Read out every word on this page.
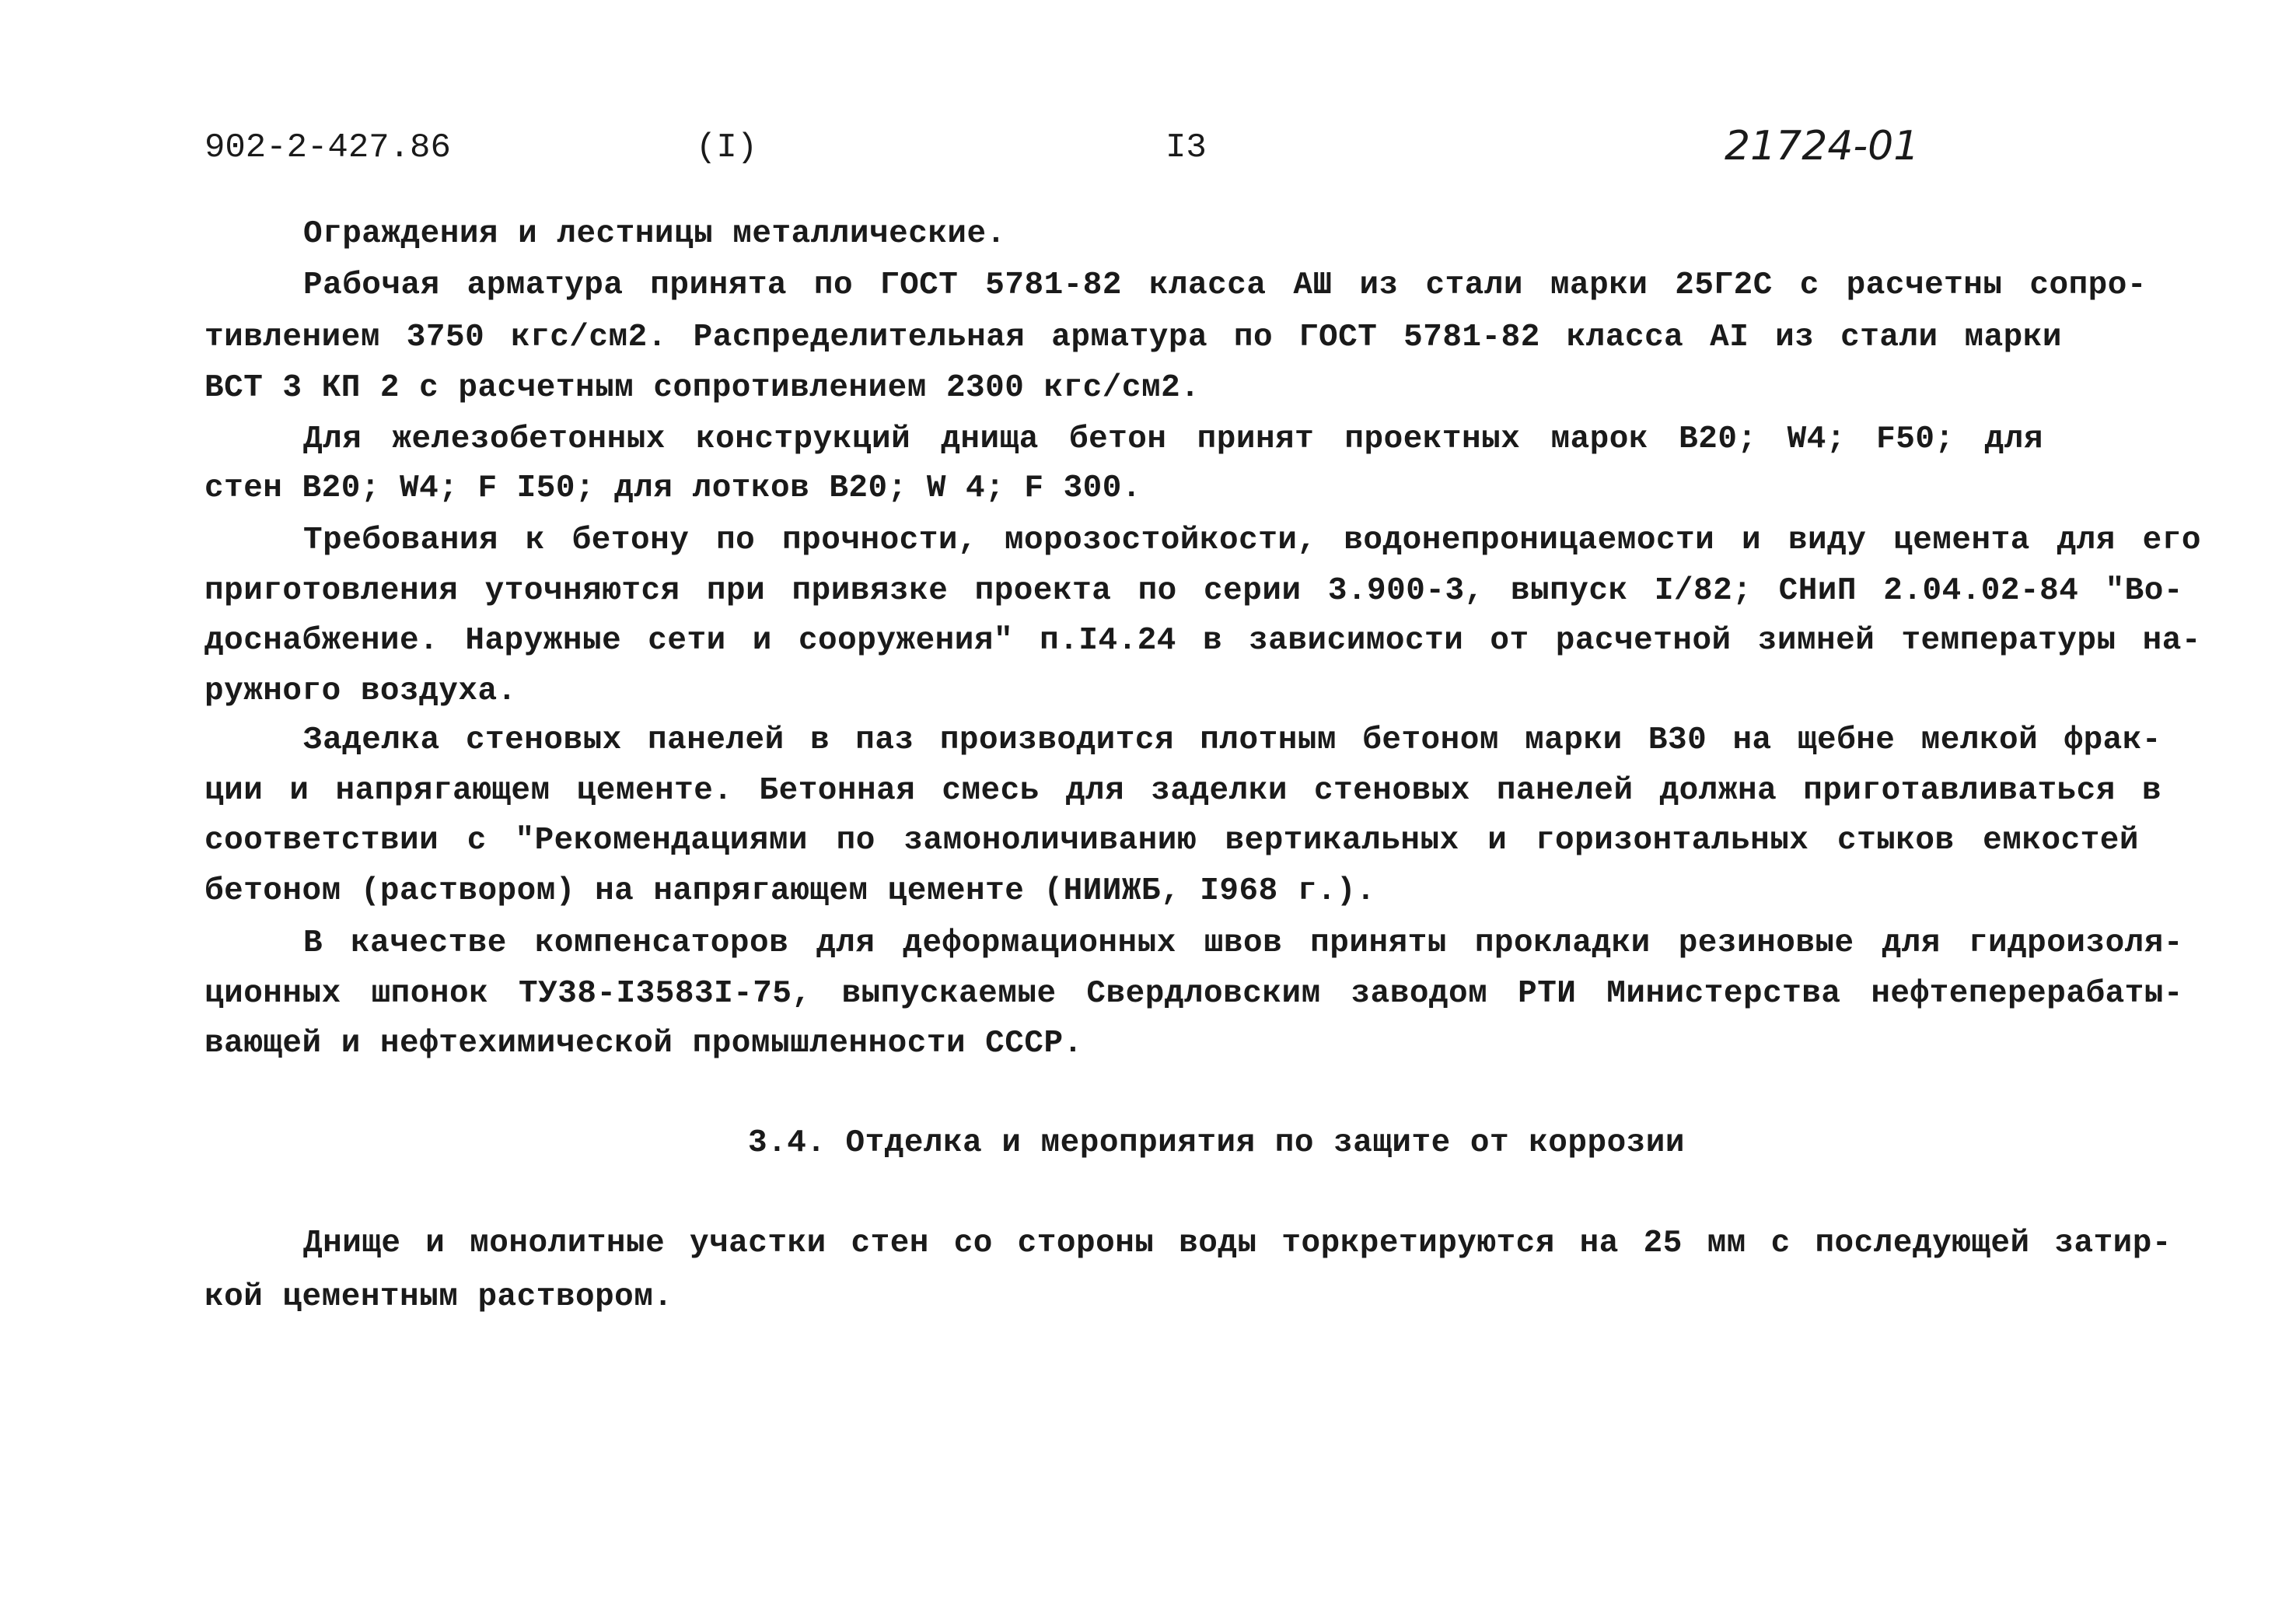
902-2-427.86	(I)	I3	21724-01
Ограждения и лестницы металлические.
Рабочая арматура принята по ГОСТ 5781-82 класса АШ из стали марки 25Г2С с расчетны сопро-
тивлением 3750 кгс/см2. Распределительная арматура по ГОСТ 5781-82 класса АI из стали марки
ВСТ 3 КП 2 с расчетным сопротивлением 2300 кгс/см2.
Для железобетонных конструкций днища бетон принят проектных марок В20; W4; F50; для
стен В20; W4; F I50; для лотков В20; W 4; F 300.
Требования к бетону по прочности, морозостойкости, водонепроницаемости и виду цемента для его
приготовления уточняются при привязке проекта по серии 3.900-3, выпуск I/82; СНиП 2.04.02-84 "Во-
доснабжение. Наружные сети и сооружения" п.I4.24 в зависимости от расчетной зимней температуры на-
ружного воздуха.
Заделка стеновых панелей в паз производится плотным бетоном марки В30 на щебне мелкой фрак-
ции и напрягающем цементе. Бетонная смесь для заделки стеновых панелей должна приготавливаться в
соответствии с "Рекомендациями по замоноличиванию вертикальных и горизонтальных стыков емкостей
бетоном (раствором) на напрягающем цементе (НИИЖБ, I968 г.).
В качестве компенсаторов для деформационных швов приняты прокладки резиновые для гидроизоля-
ционных шпонок ТУ38-I3583I-75, выпускаемые Свердловским заводом РТИ Министерства нефтеперерабаты-
вающей и нефтехимической промышленности СССР.
3.4. Отделка и мероприятия по защите от коррозии
Днище и монолитные участки стен со стороны воды торкретируются на 25 мм с последующей затир-
кой цементным раствором.
